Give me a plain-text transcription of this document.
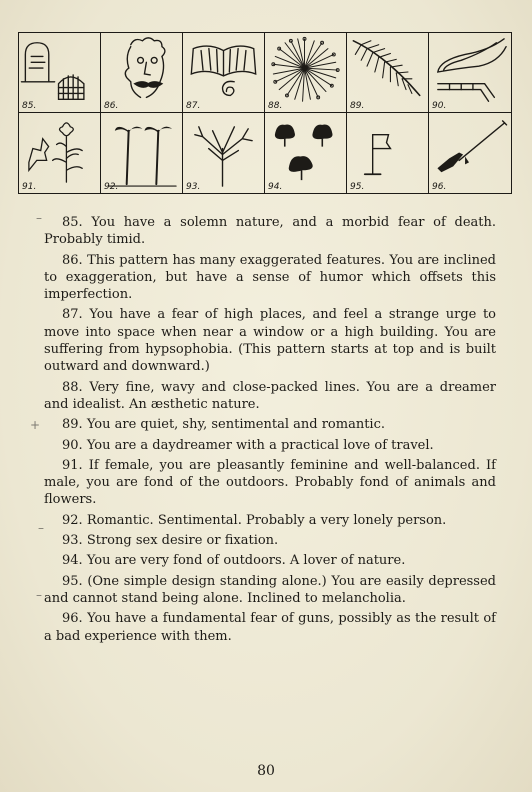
85.	86.	87.	88.	89.	90.
91.	92.	93.	94.	95.	96.
–
+
–
–

85. You have a solemn nature, and a morbid fear of death. Probably timid.

86. This pattern has many exaggerated features. You are inclined to exaggeration, but have a sense of humor which offsets this imperfection.

87. You have a fear of high places, and feel a strange urge to move into space when near a window or a high building. You are suffering from hypsophobia. (This pattern starts at top and is built outward and downward.)

88. Very fine, wavy and close-packed lines. You are a dreamer and idealist. An æsthetic nature.

89. You are quiet, shy, sentimental and romantic.

90. You are a daydreamer with a practical love of travel.

91. If female, you are pleasantly feminine and well-balanced. If male, you are fond of the outdoors. Probably fond of animals and flowers.

92. Romantic. Sentimental. Probably a very lonely person.

93. Strong sex desire or fixation.

94. You are very fond of outdoors. A lover of nature.

95. (One simple design standing alone.) You are easily depressed and cannot stand being alone. Inclined to melancholia.

96. You have a fundamental fear of guns, possibly as the result of a bad experience with them.

80
